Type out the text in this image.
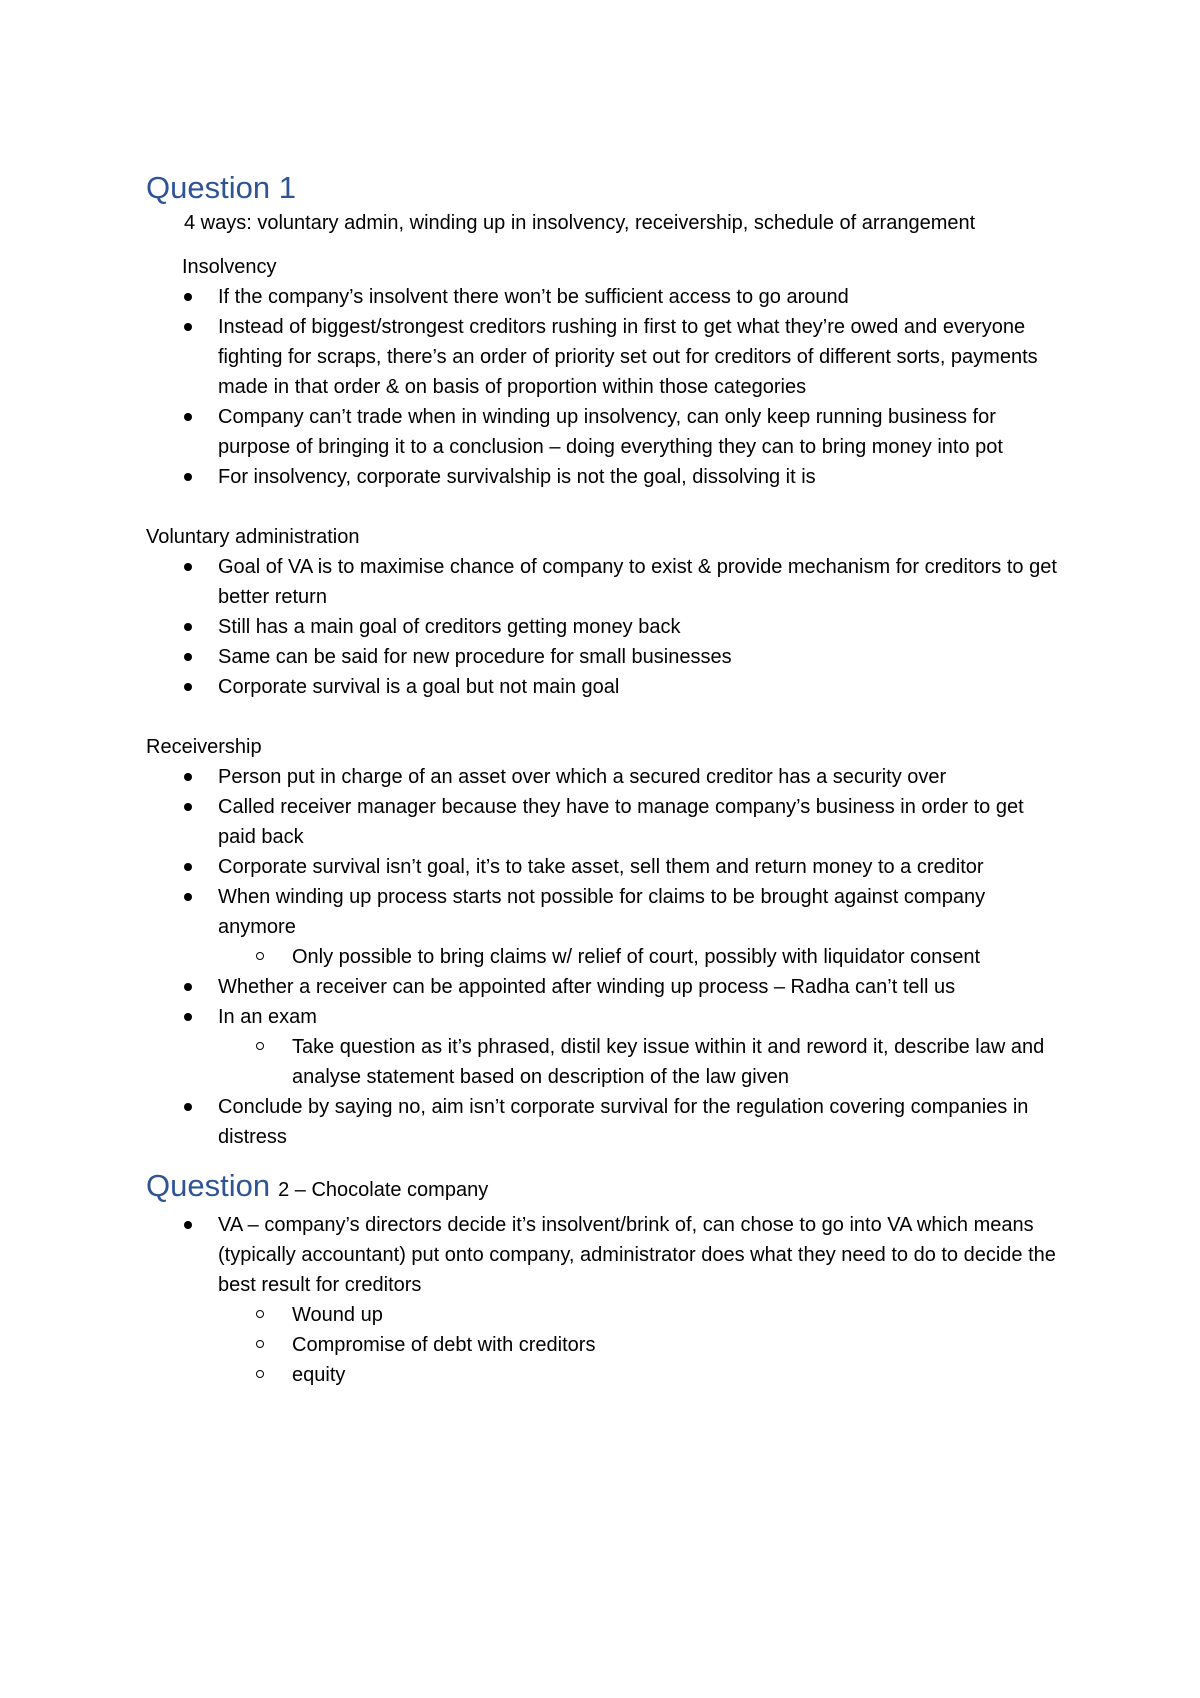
Question 1

4 ways: voluntary admin, winding up in insolvency, receivership, schedule of arrangement

Insolvency

If the company’s insolvent there won’t be sufficient access to go around
Instead of biggest/strongest creditors rushing in first to get what they’re owed and everyone fighting for scraps, there’s an order of priority set out for creditors of different sorts, payments made in that order & on basis of proportion within those categories
Company can’t trade when in winding up insolvency, can only keep running business for purpose of bringing it to a conclusion – doing everything they can to bring money into pot
For insolvency, corporate survivalship is not the goal, dissolving it is

Voluntary administration

Goal of VA is to maximise chance of company to exist & provide mechanism for creditors to get better return
Still has a main goal of creditors getting money back
Same can be said for new procedure for small businesses
Corporate survival is a goal but not main goal

Receivership

Person put in charge of an asset over which a secured creditor has a security over
Called receiver manager because they have to manage company’s business in order to get paid back
Corporate survival isn’t goal, it’s to take asset, sell them and return money to a creditor
When winding up process starts not possible for claims to be brought against company anymore
Only possible to bring claims w/ relief of court, possibly with liquidator consent
Whether a receiver can be appointed after winding up process – Radha can’t tell us
In an exam
Take question as it’s phrased, distil key issue within it and reword it, describe law and analyse statement based on description of the law given
Conclude by saying no, aim isn’t corporate survival for the regulation covering companies in distress
Question 2 – Chocolate company
VA – company’s directors decide it’s insolvent/brink of, can chose to go into VA which means (typically accountant) put onto company, administrator does what they need to do to decide the best result for creditors
Wound up
Compromise of debt with creditors
equity
